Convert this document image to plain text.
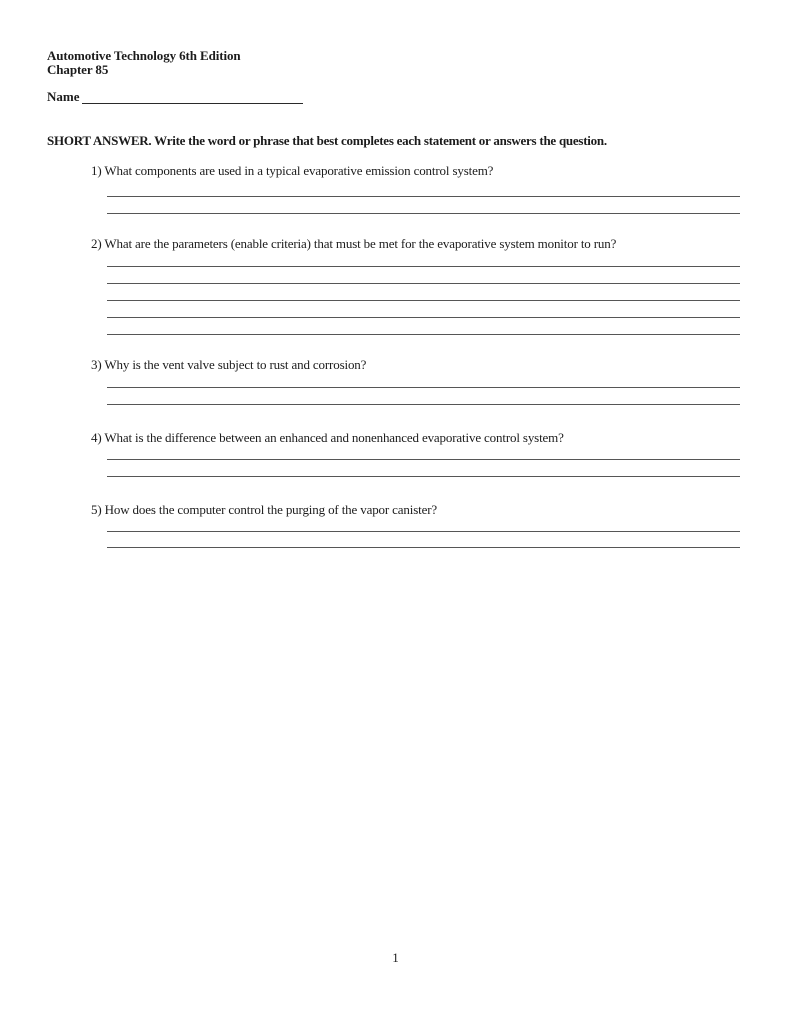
Automotive Technology 6th Edition
Chapter 85
Name
SHORT ANSWER. Write the word or phrase that best completes each statement or answers the question.
1) What components are used in a typical evaporative emission control system?
2) What are the parameters (enable criteria) that must be met for the evaporative system monitor to run?
3) Why is the vent valve subject to rust and corrosion?
4) What is the difference between an enhanced and nonenhanced evaporative control system?
5) How does the computer control the purging of the vapor canister?
1
